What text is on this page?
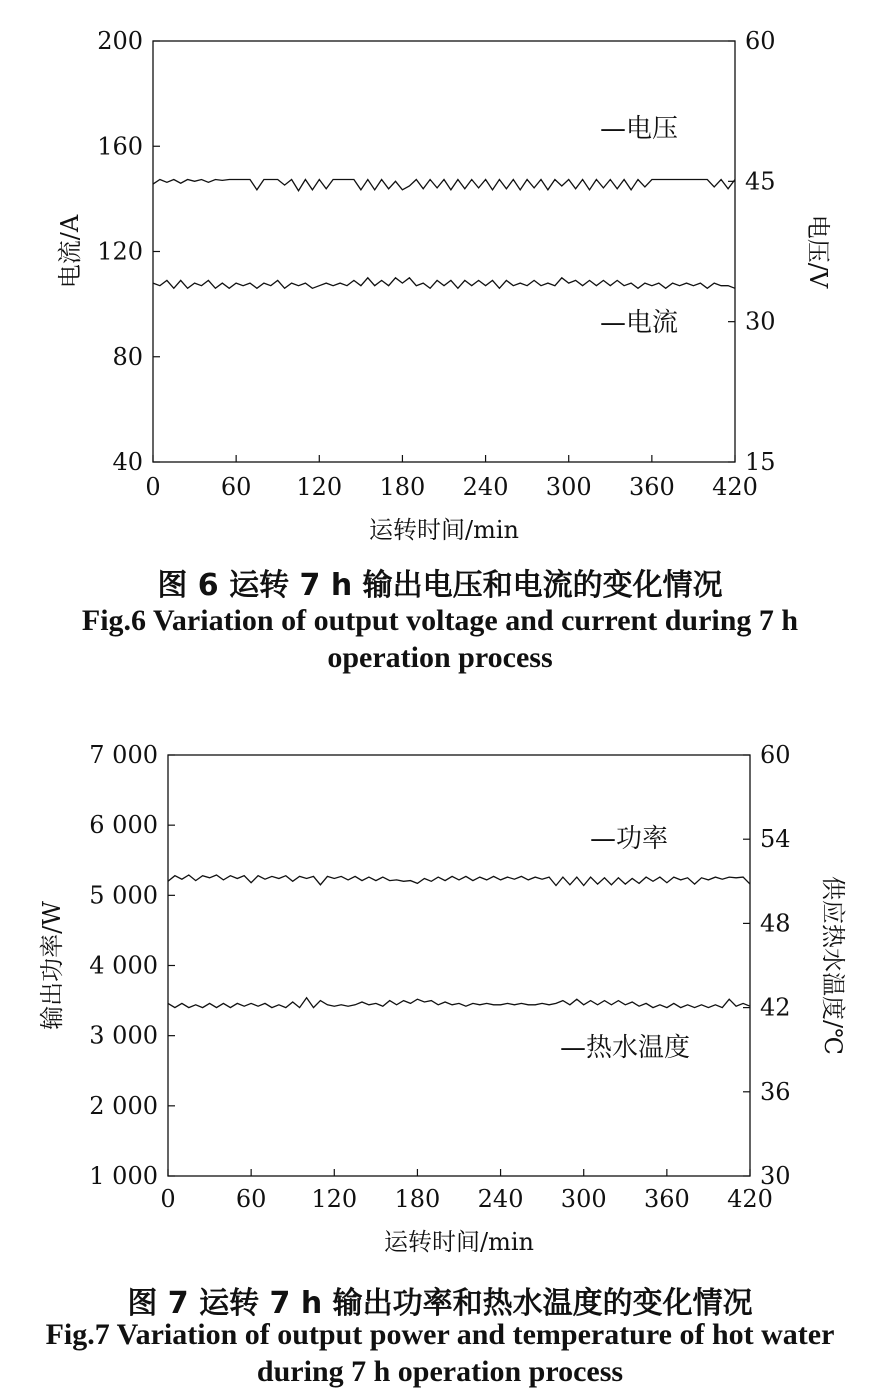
0	60 120 180 240 300 360 420
40
80
120
160
200
15
30
45
60
运转时间/min
电流/A	电压/V
—电压
—电流
图 6 运转 7 h 输出电压和电流的变化情况
Fig.6 Variation of output voltage and current during 7 h operation process
0	60 120 180 240 300 360 420
1 000
2 000
3 000
4 000
5 000
6 000
7 000
30
36
42
48
54
60
运转时间/min
输出功率/W	供应热水温度/℃
—功率
—热水温度
图 7 运转 7 h 输出功率和热水温度的变化情况
Fig.7 Variation of output power and temperature of hot water during 7 h operation process
